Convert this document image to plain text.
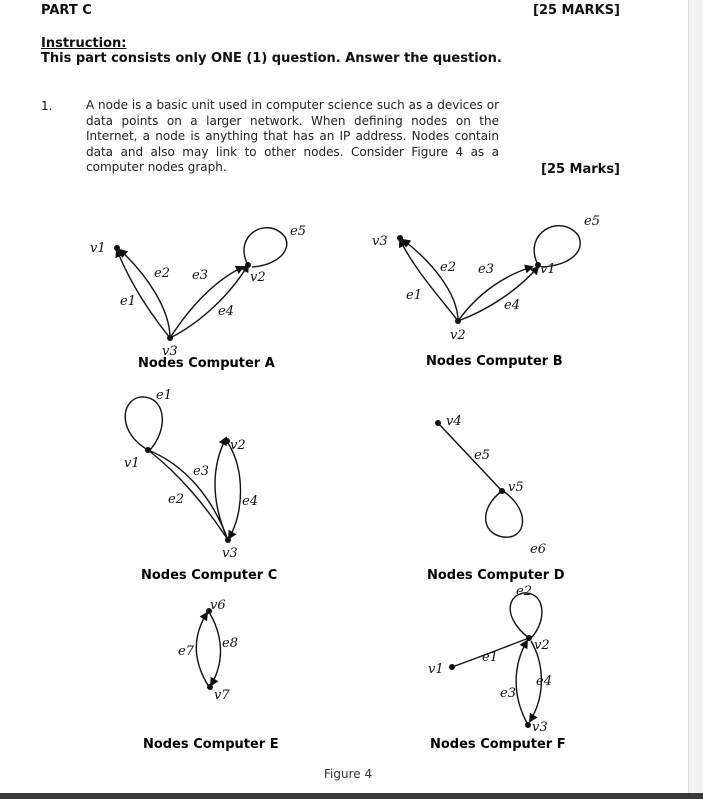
PART C	[25 MARKS]
Instruction:
This part consists only ONE (1) question. Answer the question.
1.	A node is a basic unit used in computer science such as a devices or data points on a larger network. When defining nodes on the Internet, a node is anything that has an IP address. Nodes contain data and also may link to other nodes. Consider Figure 4 as a computer nodes graph.	[25 Marks]
v1
v2
v3
e1
e2 e3
e4
e5
Nodes Computer A
v3
v1
v2
e1
e2 e3
e4
e5
Nodes Computer B
v1
v2
v3
e1
e2
e3
e4
Nodes Computer C
v4
v5
e5
e6
Nodes Computer D
v6
v7
e7
e8
Nodes Computer E
v1
v2
v3
e1
e2
e3
e4
Nodes Computer F
Figure 4
